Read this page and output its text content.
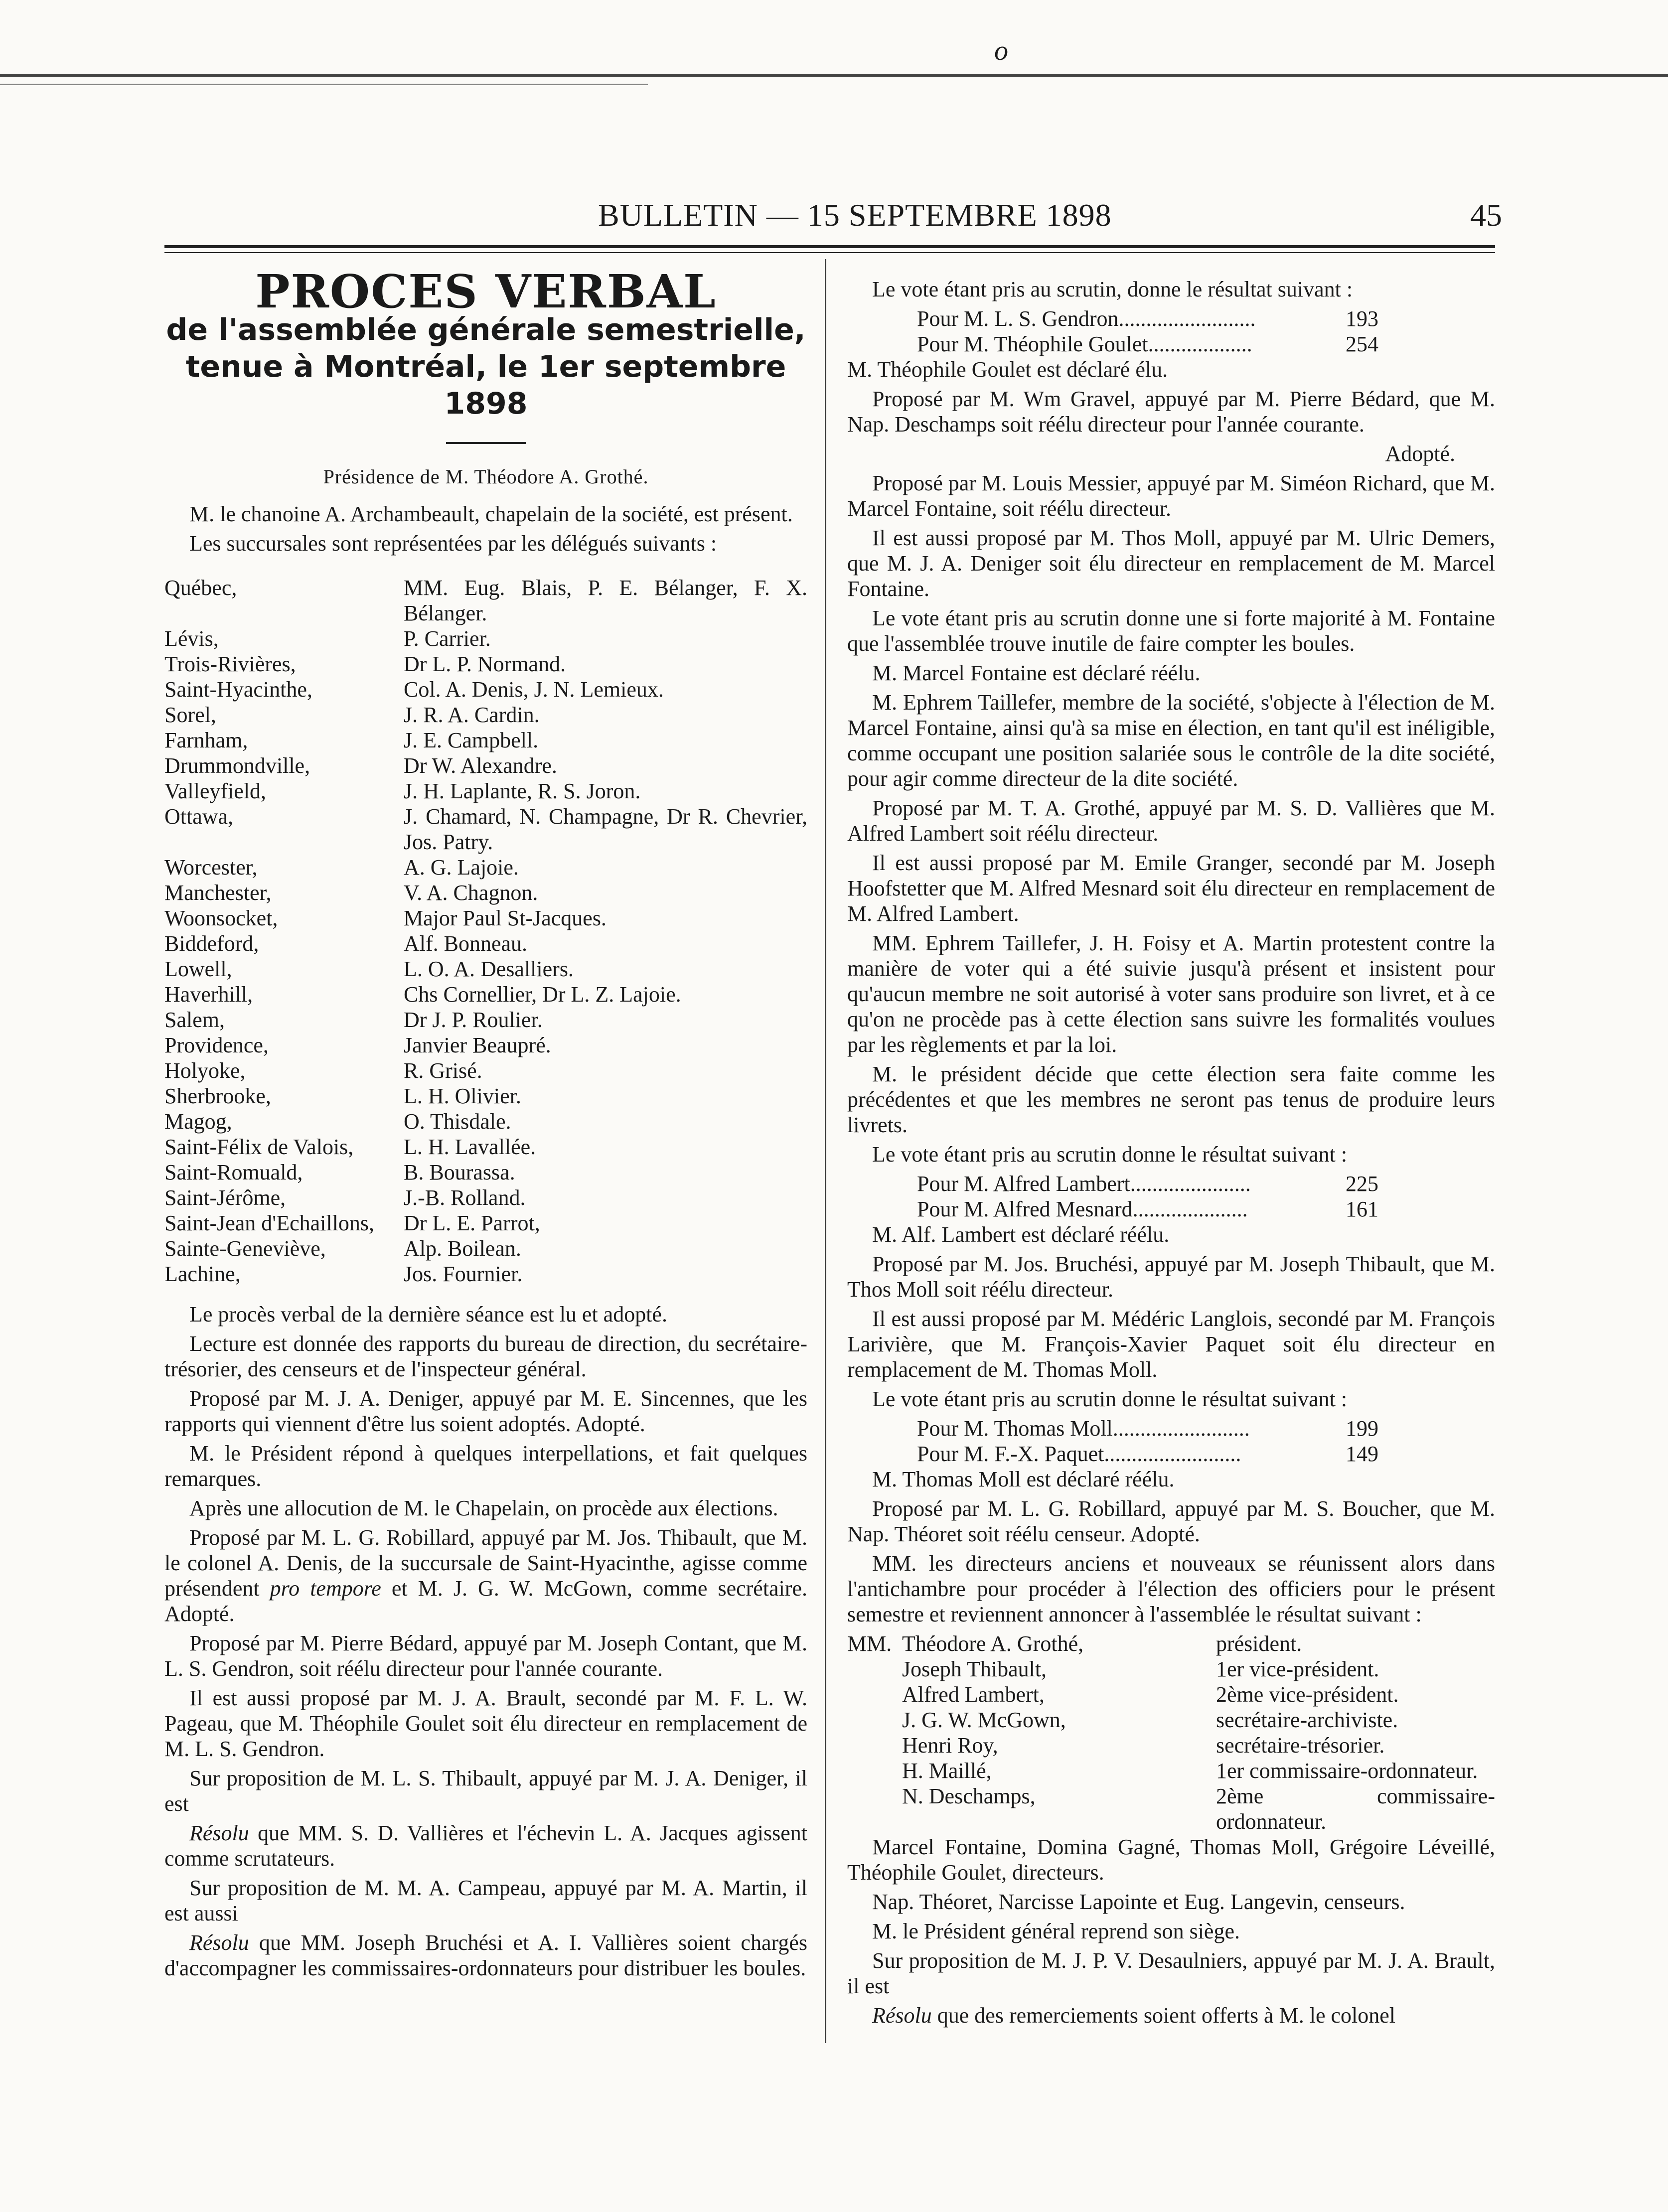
o
BULLETIN — 15 SEPTEMBRE 1898	45
PROCES VERBAL
de l'assemblée générale semestrielle, tenue à Montréal, le 1er septembre 1898
Présidence de M. Théodore A. Grothé.

M. le chanoine A. Archambeault, chapelain de la société, est présent.

Les succursales sont représentées par les délégués suivants :

Québec,	MM. Eug. Blais, P. E. Bélanger, F. X. Bélanger.
Lévis,	P. Carrier.
Trois-Rivières,	Dr L. P. Normand.
Saint-Hyacinthe,	Col. A. Denis, J. N. Lemieux.
Sorel,	J. R. A. Cardin.
Farnham,	J. E. Campbell.
Drummondville,	Dr W. Alexandre.
Valleyfield,	J. H. Laplante, R. S. Joron.
Ottawa,	J. Chamard, N. Champagne, Dr R. Chevrier, Jos. Patry.
Worcester,	A. G. Lajoie.
Manchester,	V. A. Chagnon.
Woonsocket,	Major Paul St-Jacques.
Biddeford,	Alf. Bonneau.
Lowell,	L. O. A. Desalliers.
Haverhill,	Chs Cornellier, Dr L. Z. Lajoie.
Salem,	Dr J. P. Roulier.
Providence,	Janvier Beaupré.
Holyoke,	R. Grisé.
Sherbrooke,	L. H. Olivier.
Magog,	O. Thisdale.
Saint-Félix de Valois,	L. H. Lavallée.
Saint-Romuald,	B. Bourassa.
Saint-Jérôme,	J.-B. Rolland.
Saint-Jean d'Echaillons,	Dr L. E. Parrot,
Sainte-Geneviève,	Alp. Boilean.
Lachine,	Jos. Fournier.

Le procès verbal de la dernière séance est lu et adopté.

Lecture est donnée des rapports du bureau de direction, du secrétaire-trésorier, des censeurs et de l'inspecteur général.

Proposé par M. J. A. Deniger, appuyé par M. E. Sincennes, que les rapports qui viennent d'être lus soient adoptés. Adopté.

M. le Président répond à quelques interpellations, et fait quelques remarques.

Après une allocution de M. le Chapelain, on procède aux élections.

Proposé par M. L. G. Robillard, appuyé par M. Jos. Thibault, que M. le colonel A. Denis, de la succursale de Saint-Hyacinthe, agisse comme présendent pro tempore et M. J. G. W. McGown, comme secrétaire. Adopté.

Proposé par M. Pierre Bédard, appuyé par M. Joseph Contant, que M. L. S. Gendron, soit réélu directeur pour l'année courante.

Il est aussi proposé par M. J. A. Brault, secondé par M. F. L. W. Pageau, que M. Théophile Goulet soit élu directeur en remplacement de M. L. S. Gendron.

Sur proposition de M. L. S. Thibault, appuyé par M. J. A. Deniger, il est

Résolu que MM. S. D. Vallières et l'échevin L. A. Jacques agissent comme scrutateurs.

Sur proposition de M. M. A. Campeau, appuyé par M. A. Martin, il est aussi

Résolu que MM. Joseph Bruchési et A. I. Vallières soient chargés d'accompagner les commissaires-ordonnateurs pour distribuer les boules.

Le vote étant pris au scrutin, donne le résultat suivant :

Pour M. L. S. Gendron.........................	193
Pour M. Théophile Goulet...................	254

M. Théophile Goulet est déclaré élu.

Proposé par M. Wm Gravel, appuyé par M. Pierre Bédard, que M. Nap. Deschamps soit réélu directeur pour l'année courante.

Adopté.

Proposé par M. Louis Messier, appuyé par M. Siméon Richard, que M. Marcel Fontaine, soit réélu directeur.

Il est aussi proposé par M. Thos Moll, appuyé par M. Ulric Demers, que M. J. A. Deniger soit élu directeur en remplacement de M. Marcel Fontaine.

Le vote étant pris au scrutin donne une si forte majorité à M. Fontaine que l'assemblée trouve inutile de faire compter les boules.

M. Marcel Fontaine est déclaré réélu.

M. Ephrem Taillefer, membre de la société, s'objecte à l'élection de M. Marcel Fontaine, ainsi qu'à sa mise en élection, en tant qu'il est inéligible, comme occupant une position salariée sous le contrôle de la dite société, pour agir comme directeur de la dite société.

Proposé par M. T. A. Grothé, appuyé par M. S. D. Vallières que M. Alfred Lambert soit réélu directeur.

Il est aussi proposé par M. Emile Granger, secondé par M. Joseph Hoofstetter que M. Alfred Mesnard soit élu directeur en remplacement de M. Alfred Lambert.

MM. Ephrem Taillefer, J. H. Foisy et A. Martin protestent contre la manière de voter qui a été suivie jusqu'à présent et insistent pour qu'aucun membre ne soit autorisé à voter sans produire son livret, et à ce qu'on ne procède pas à cette élection sans suivre les formalités voulues par les règlements et par la loi.

M. le président décide que cette élection sera faite comme les précédentes et que les membres ne seront pas tenus de produire leurs livrets.

Le vote étant pris au scrutin donne le résultat suivant :

Pour M. Alfred Lambert......................	225
Pour M. Alfred Mesnard.....................	161

M. Alf. Lambert est déclaré réélu.

Proposé par M. Jos. Bruchési, appuyé par M. Joseph Thibault, que M. Thos Moll soit réélu directeur.

Il est aussi proposé par M. Médéric Langlois, secondé par M. François Larivière, que M. François-Xavier Paquet soit élu directeur en remplacement de M. Thomas Moll.

Le vote étant pris au scrutin donne le résultat suivant :

Pour M. Thomas Moll.........................	199
Pour M. F.-X. Paquet.........................	149

M. Thomas Moll est déclaré réélu.

Proposé par M. L. G. Robillard, appuyé par M. S. Boucher, que M. Nap. Théoret soit réélu censeur. Adopté.

MM. les directeurs anciens et nouveaux se réunissent alors dans l'antichambre pour procéder à l'élection des officiers pour le présent semestre et reviennent annoncer à l'assemblée le résultat suivant :

MM. Théodore A. Grothé,	président.
Joseph Thibault,	1er vice-président.
Alfred Lambert,	2ème vice-président.
J. G. W. McGown,	secrétaire-archiviste.
Henri Roy,	secrétaire-trésorier.
H. Maillé,	1er commissaire-ordonnateur.
N. Deschamps,	2ème commissaire-ordonnateur.

Marcel Fontaine, Domina Gagné, Thomas Moll, Grégoire Léveillé, Théophile Goulet, directeurs.

Nap. Théoret, Narcisse Lapointe et Eug. Langevin, censeurs.

M. le Président général reprend son siège.

Sur proposition de M. J. P. V. Desaulniers, appuyé par M. J. A. Brault, il est

Résolu que des remerciements soient offerts à M. le colonel
